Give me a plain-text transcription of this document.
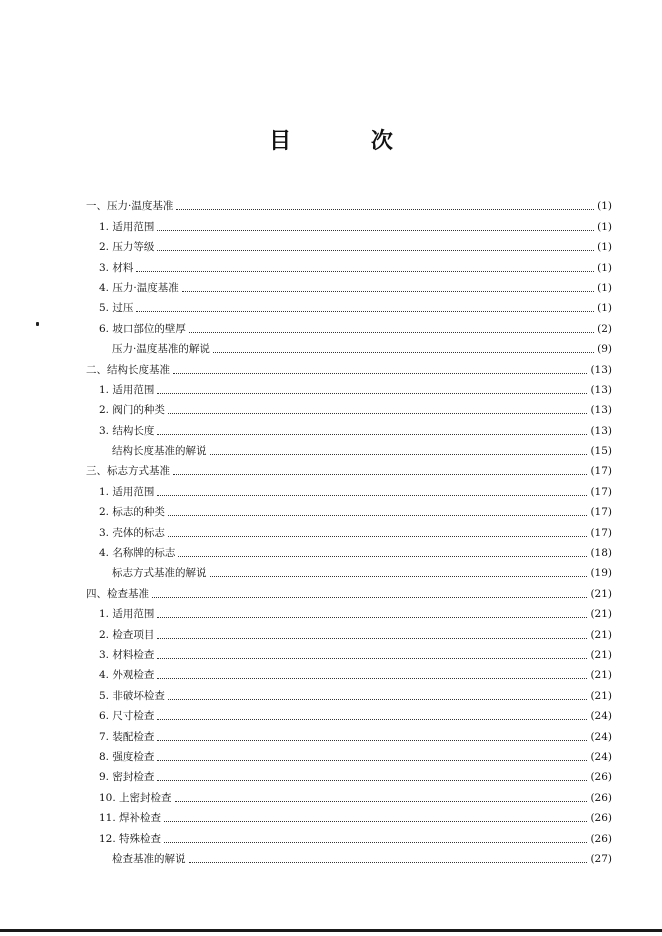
目 次
一、压力·温度基准	(1)
1. 适用范围	(1)
2. 压力等级	(1)
3. 材料	(1)
4. 压力·温度基准	(1)
5. 过压	(1)
6. 坡口部位的壁厚	(2)
压力·温度基准的解说	(9)
二、结构长度基准	(13)
1. 适用范围	(13)
2. 阀门的种类	(13)
3. 结构长度	(13)
结构长度基准的解说	(15)
三、标志方式基准	(17)
1. 适用范围	(17)
2. 标志的种类	(17)
3. 壳体的标志	(17)
4. 名称牌的标志	(18)
标志方式基准的解说	(19)
四、检查基准	(21)
1. 适用范围	(21)
2. 检查项目	(21)
3. 材料检查	(21)
4. 外观检查	(21)
5. 非破坏检查	(21)
6. 尺寸检查	(24)
7. 装配检查	(24)
8. 强度检查	(24)
9. 密封检查	(26)
10. 上密封检查	(26)
11. 焊补检查	(26)
12. 特殊检查	(26)
检查基准的解说	(27)
